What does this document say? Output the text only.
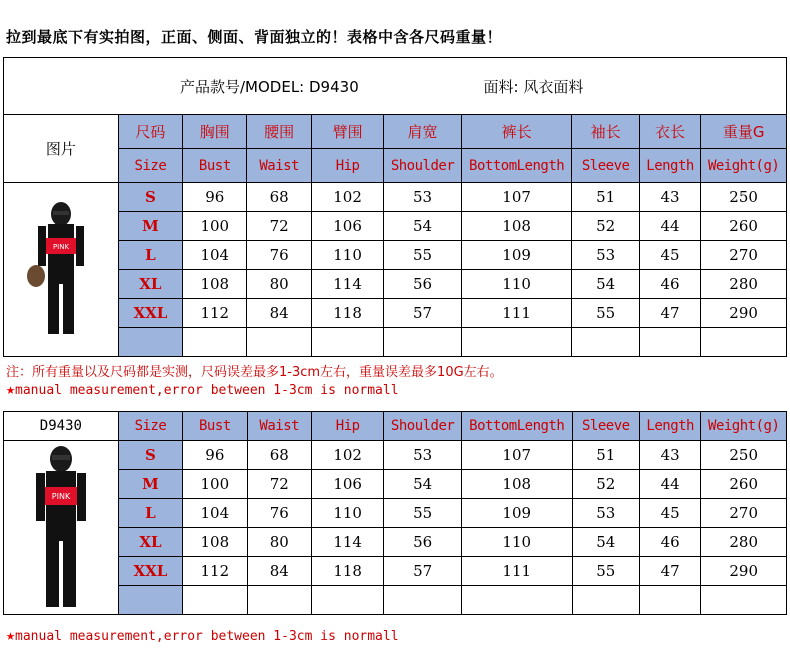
拉到最底下有实拍图，正面、侧面、背面独立的！表格中含各尺码重量！
产品款号/MODEL: D9430 面料: 风衣面料									
图片	尺码	胸围	腰围	臂围	肩宽	裤长	袖长	衣长	重量G
	Size	Bust	Waist	Hip	Shoulder	BottomLength	Sleeve	Length	Weight(g)

PINK	S	96	68	102	53	107	51	43	250
	M	100	72	106	54	108	52	44	260
	L	104	76	110	55	109	53	45	270
	XL	108	80	114	56	110	54	46	280
	XXL	112	84	118	57	111	55	47	290

注：所有重量以及尺码都是实测，尺码误差最多1-3cm左右，重量误差最多10G左右。
★manual measurement,error between 1-3cm is normall
D9430	Size	Bust	Waist	Hip	Shoulder	BottomLength	Sleeve	Length	Weight(g)

PINK	S	96	68	102	53	107	51	43	250
	M	100	72	106	54	108	52	44	260
	L	104	76	110	55	109	53	45	270
	XL	108	80	114	56	110	54	46	280
	XXL	112	84	118	57	111	55	47	290

★manual measurement,error between 1-3cm is normall
